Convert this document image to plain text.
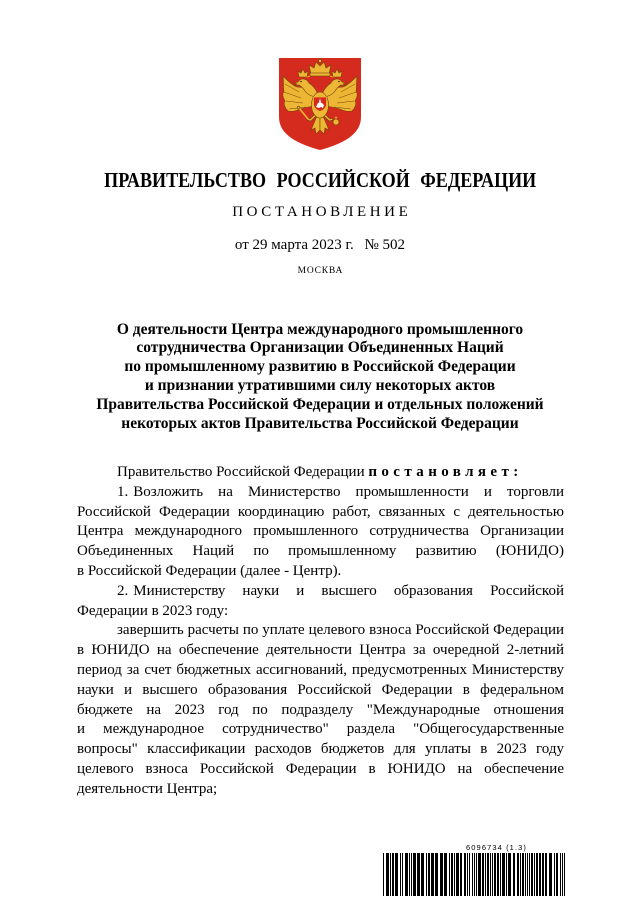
ПРАВИТЕЛЬСТВО РОССИЙСКОЙ ФЕДЕРАЦИИ
ПОСТАНОВЛЕНИЕ
от 29 марта 2023 г. № 502
МОСКВА
О деятельности Центра международного промышленного
сотрудничества Организации Объединенных Наций
по промышленному развитию в Российской Федерации
и признании утратившими силу некоторых актов
Правительства Российской Федерации и отдельных положений
некоторых актов Правительства Российской Федерации
Правительство Российской Федерации постановляет:
1. Возложить на Министерство промышленности и торговли
Российской Федерации координацию работ, связанных с деятельностью
Центра международного промышленного сотрудничества Организации
Объединенных Наций по промышленному развитию (ЮНИДО)
в Российской Федерации (далее - Центр).
2. Министерству науки и высшего образования Российской
Федерации в 2023 году:
завершить расчеты по уплате целевого взноса Российской Федерации
в ЮНИДО на обеспечение деятельности Центра за очередной 2-летний
период за счет бюджетных ассигнований, предусмотренных Министерству
науки и высшего образования Российской Федерации в федеральном
бюджете на 2023 год по подразделу "Международные отношения
и международное сотрудничество" раздела "Общегосударственные
вопросы" классификации расходов бюджетов для уплаты в 2023 году
целевого взноса Российской Федерации в ЮНИДО на обеспечение
деятельности Центра;
6096734 (1.3)
